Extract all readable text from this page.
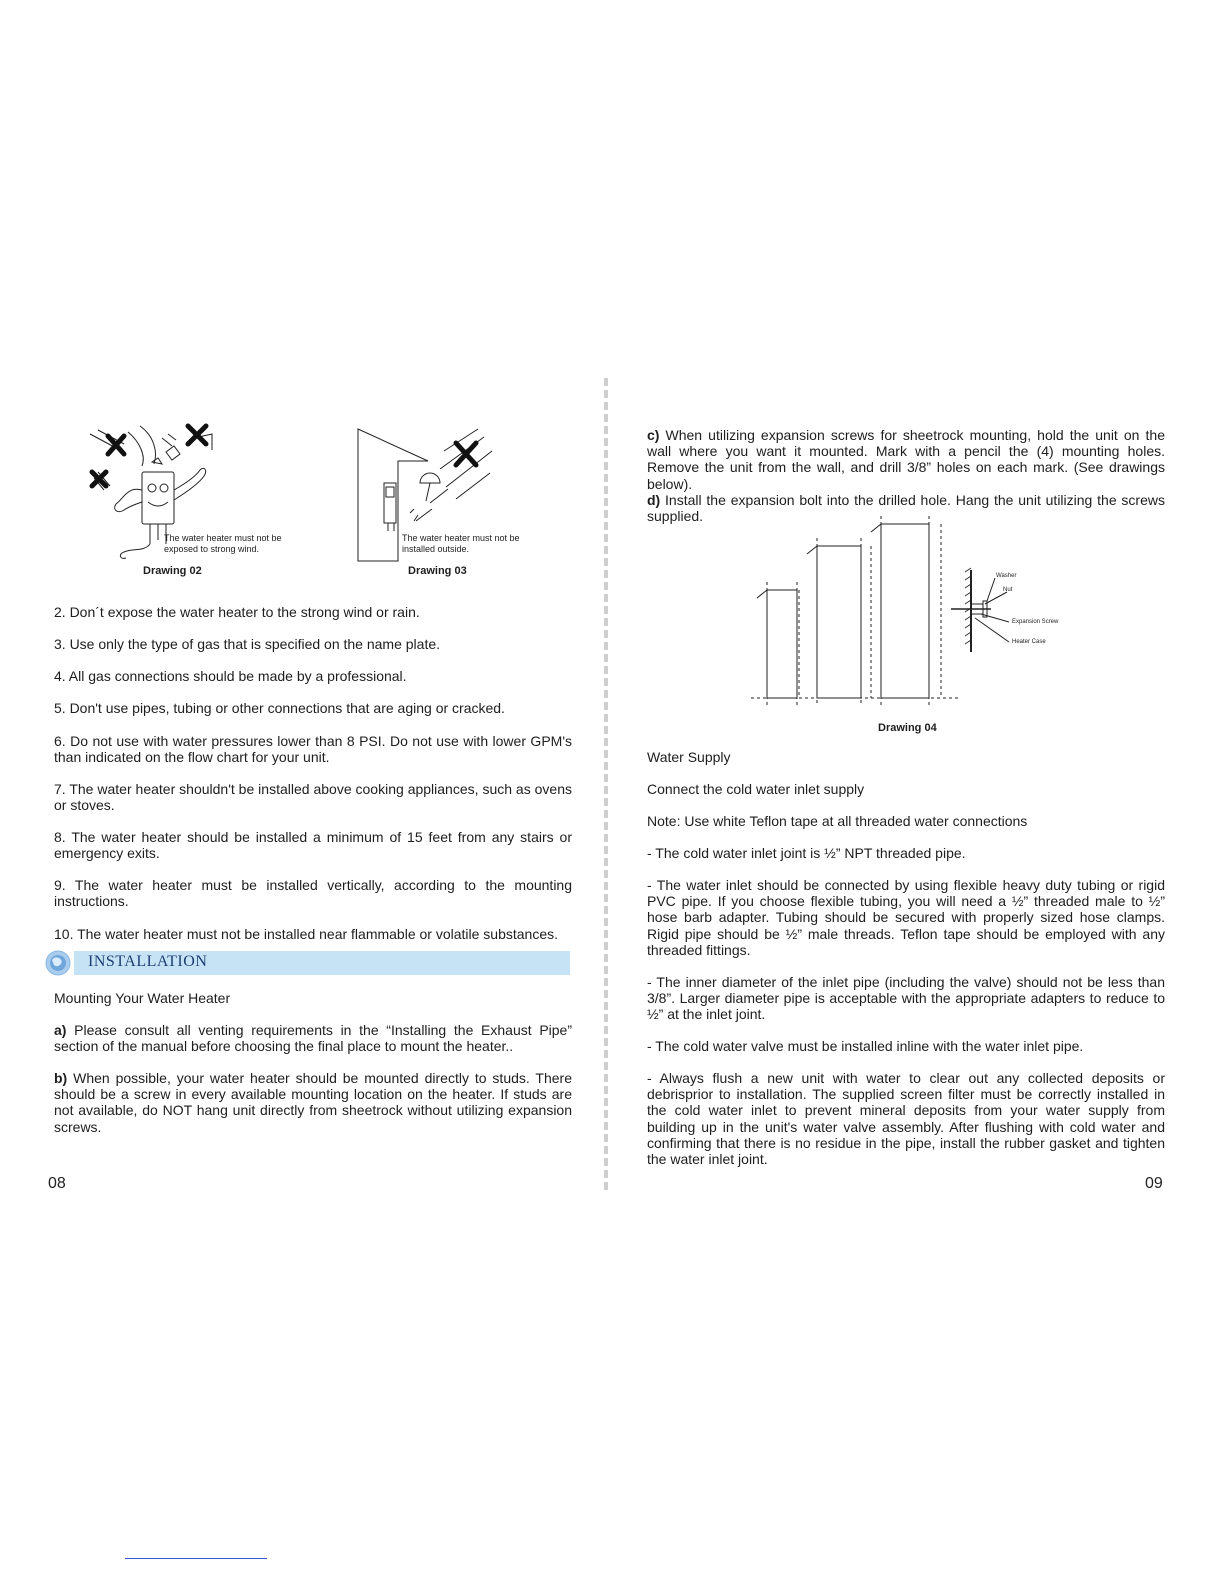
The water heater must not be
exposed to strong wind.
Drawing 02
The water heater must not be
installed outside.
Drawing 03

2. Don´t expose the water heater to the strong wind or rain.

3. Use only the type of gas that is specified on the name plate.

4. All gas connections should be made by a professional.

5. Don't use pipes, tubing or other connections that are aging or cracked.

6. Do not use with water pressures lower than 8 PSI. Do not use with lower GPM's than indicated on the flow chart for your unit.

7. The water heater shouldn't be installed above cooking appliances, such as ovens or stoves.

8. The water heater should be installed a minimum of 15 feet from any stairs or emergency exits.

9. The water heater must be installed vertically, according to the mounting instructions.

10. The water heater must not be installed near flammable or volatile substances.

INSTALLATION

Mounting Your Water Heater

a) Please consult all venting requirements in the “Installing the Exhaust Pipe” section of the manual before choosing the final place to mount the heater..

b) When possible, your water heater should be mounted directly to studs. There should be a screw in every available mounting location on the heater. If studs are not available, do NOT hang unit directly from sheetrock without utilizing expansion screws.

08

c) When utilizing expansion screws for sheetrock mounting, hold the unit on the wall where you want it mounted. Mark with a pencil the (4) mounting holes. Remove the unit from the wall, and drill 3/8” holes on each mark. (See drawings below).

d) Install the expansion bolt into the drilled hole. Hang the unit utilizing the screws supplied.

Washer
Nut
Expansion Screw
Heater Case
Drawing 04

Water Supply

Connect the cold water inlet supply

Note: Use white Teflon tape at all threaded water connections

- The cold water inlet joint is ½” NPT threaded pipe.

- The water inlet should be connected by using flexible heavy duty tubing or rigid PVC pipe. If you choose flexible tubing, you will need a ½” threaded male to ½” hose barb adapter. Tubing should be secured with properly sized hose clamps. Rigid pipe should be ½” male threads. Teflon tape should be employed with any threaded fittings.

- The inner diameter of the inlet pipe (including the valve) should not be less than 3/8”. Larger diameter pipe is acceptable with the appropriate adapters to reduce to ½” at the inlet joint.

- The cold water valve must be installed inline with the water inlet pipe.

- Always flush a new unit with water to clear out any collected deposits or debrisprior to installation. The supplied screen filter must be correctly installed in the cold water inlet to prevent mineral deposits from your water supply from building up in the unit's water valve assembly. After flushing with cold water and confirming that there is no residue in the pipe, install the rubber gasket and tighten the water inlet joint.

09
